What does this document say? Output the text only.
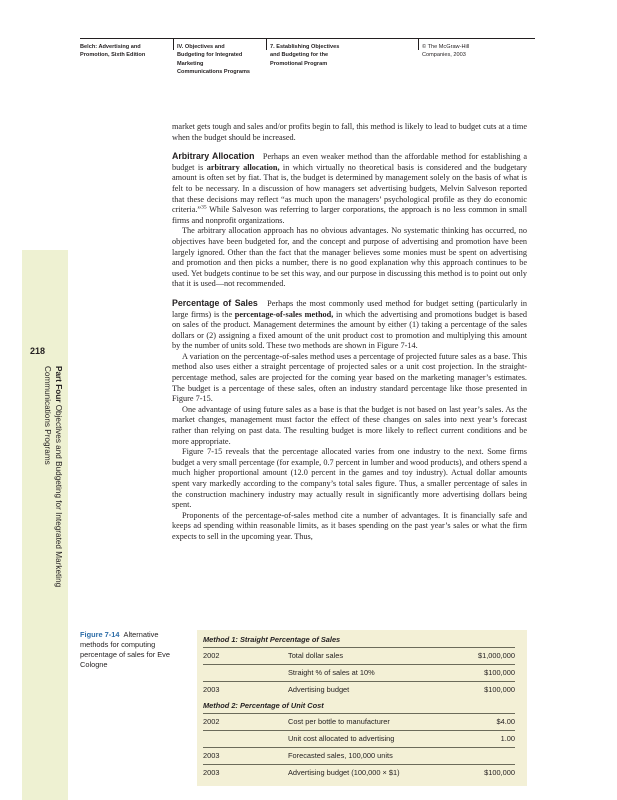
Belch: Advertising and
Promotion, Sixth Edition
IV. Objectives and
Budgeting for Integrated
Marketing
Communications Programs
7. Establishing Objectives
and Budgeting for the
Promotional Program
© The McGraw-Hill
Companies, 2003
218
Part Four Objectives and Budgeting for Integrated Marketing
Communications Programs

market gets tough and sales and/or profits begin to fall, this method is likely to lead to budget cuts at a time when the budget should be increased.

Arbitrary Allocation Perhaps an even weaker method than the affordable method for establishing a budget is arbitrary allocation, in which virtually no theoretical basis is considered and the budgetary amount is often set by fiat. That is, the budget is determined by management solely on the basis of what is felt to be necessary. In a discussion of how managers set advertising budgets, Melvin Salveson reported that these decisions may reflect “as much upon the managers’ psychological profile as they do economic criteria.”$^{35}$ While Salveson was referring to larger corporations, the approach is no less common in small firms and nonprofit organizations.

The arbitrary allocation approach has no obvious advantages. No systematic thinking has occurred, no objectives have been budgeted for, and the concept and purpose of advertising and promotion have been largely ignored. Other than the fact that the manager believes some monies must be spent on advertising and promotion and then picks a number, there is no good explanation why this approach continues to be used. Yet budgets continue to be set this way, and our purpose in discussing this method is to point out only that it is used—not recommended.

Percentage of Sales Perhaps the most commonly used method for budget setting (particularly in large firms) is the percentage-of-sales method, in which the advertising and promotions budget is based on sales of the product. Management determines the amount by either (1) taking a percentage of the sales dollars or (2) assigning a fixed amount of the unit product cost to promotion and multiplying this amount by the number of units sold. These two methods are shown in Figure 7-14.

A variation on the percentage-of-sales method uses a percentage of projected future sales as a base. This method also uses either a straight percentage of projected sales or a unit cost projection. In the straight-percentage method, sales are projected for the coming year based on the marketing manager’s estimates. The budget is a percentage of these sales, often an industry standard percentage like those presented in Figure 7-15.

One advantage of using future sales as a base is that the budget is not based on last year’s sales. As the market changes, management must factor the effect of these changes on sales into next year’s forecast rather than relying on past data. The resulting budget is more likely to reflect current conditions and be more appropriate.

Figure 7-15 reveals that the percentage allocated varies from one industry to the next. Some firms budget a very small percentage (for example, 0.7 percent in lumber and wood products), and others spend a much higher proportional amount (12.0 percent in the games and toy industry). Actual dollar amounts spent vary markedly according to the company’s total sales figure. Thus, a smaller percentage of sales in the construction machinery industry may actually result in significantly more advertising dollars being spent.

Proponents of the percentage-of-sales method cite a number of advantages. It is financially safe and keeps ad spending within reasonable limits, as it bases spending on the past year’s sales or what the firm expects to sell in the upcoming year. Thus,

Figure 7-14 Alternative methods for computing percentage of sales for Eve Cologne
Method 1: Straight Percentage of Sales
2002	Total dollar sales	$1,000,000
Straight % of sales at 10%	$100,000
2003	Advertising budget	$100,000
Method 2: Percentage of Unit Cost
2002	Cost per bottle to manufacturer	$4.00
Unit cost allocated to advertising	1.00
2003	Forecasted sales, 100,000 units
2003	Advertising budget (100,000 × $1)	$100,000
